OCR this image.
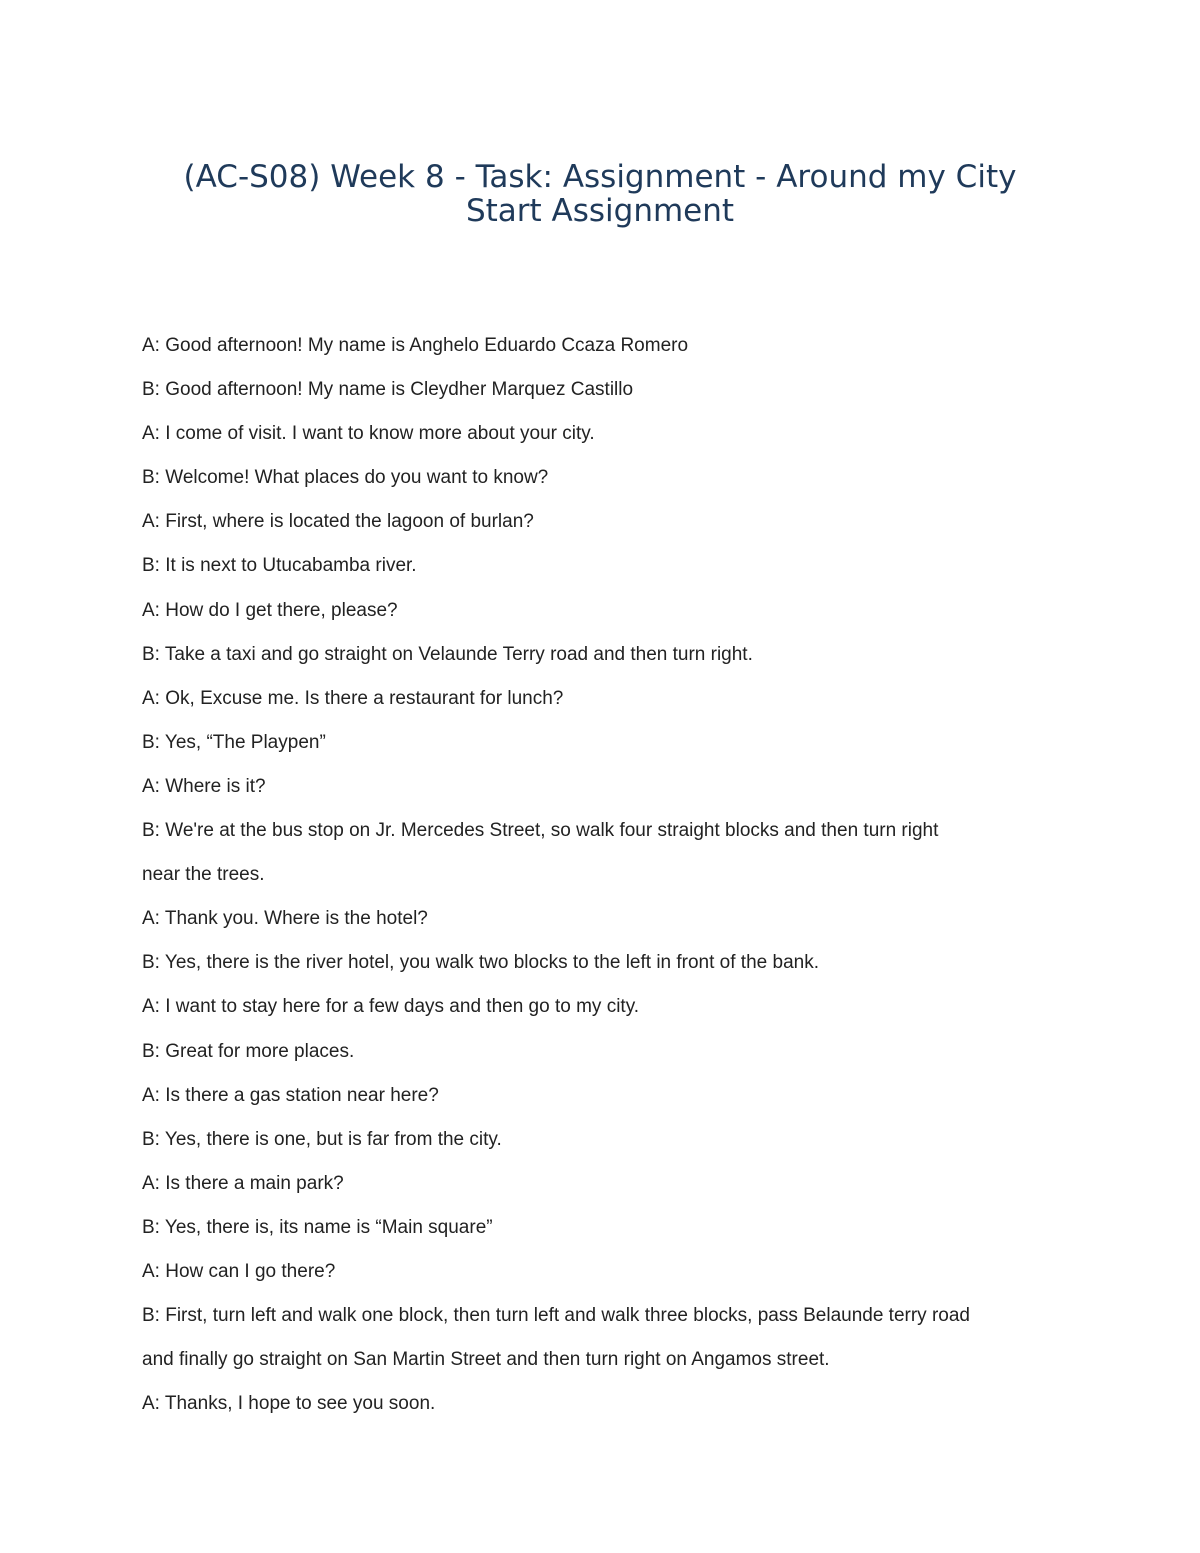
(AC-S08) Week 8 - Task: Assignment - Around my City
Start Assignment
A: Good afternoon! My name is Anghelo Eduardo Ccaza Romero
B: Good afternoon! My name is Cleydher Marquez Castillo
A: I come of visit. I want to know more about your city.
B: Welcome! What places do you want to know?
A: First, where is located the lagoon of burlan?
B: It is next to Utucabamba river.
A: How do I get there, please?
B: Take a taxi and go straight on Velaunde Terry road and then turn right.
A: Ok, Excuse me. Is there a restaurant for lunch?
B: Yes, “The Playpen”
A: Where is it?
B: We're at the bus stop on Jr. Mercedes Street, so walk four straight blocks and then turn right
near the trees.
A: Thank you. Where is the hotel?
B: Yes, there is the river hotel, you walk two blocks to the left in front of the bank.
A: I want to stay here for a few days and then go to my city.
B: Great for more places.
A: Is there a gas station near here?
B: Yes, there is one, but is far from the city.
A: Is there a main park?
B: Yes, there is, its name is “Main square”
A: How can I go there?
B: First, turn left and walk one block, then turn left and walk three blocks, pass Belaunde terry road
and finally go straight on San Martin Street and then turn right on Angamos street.
A: Thanks, I hope to see you soon.
